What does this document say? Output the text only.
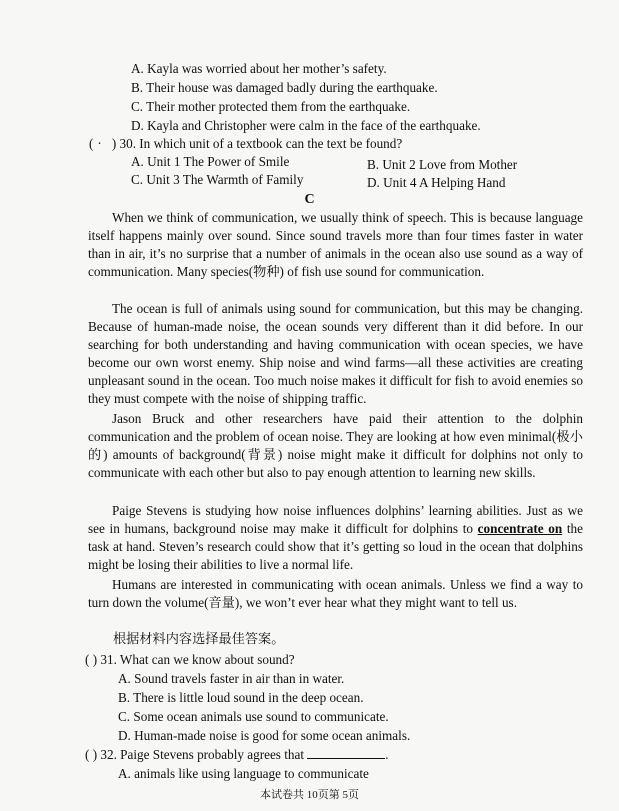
A. Kayla was worried about her mother’s safety.
B. Their house was damaged badly during the earthquake.
C. Their mother protected them from the earthquake.
D. Kayla and Christopher were calm in the face of the earthquake.
( · ) 30. In which unit of a textbook can the text be found?
A. Unit 1 The Power of Smile	B. Unit 2 Love from Mother
C. Unit 3 The Warmth of Family	D. Unit 4 A Helping Hand
C
When we think of communication, we usually think of speech. This is because language itself happens mainly over sound. Since sound travels more than four times faster in water than in air, it’s no surprise that a number of animals in the ocean also use sound as a way of communication. Many species(物种) of fish use sound for communication.
The ocean is full of animals using sound for communication, but this may be changing. Because of human-made noise, the ocean sounds very different than it did before. In our searching for both understanding and having communication with ocean species, we have become our own worst enemy. Ship noise and wind farms—all these activities are creating unpleasant sound in the ocean. Too much noise makes it difficult for fish to avoid enemies so they must compete with the noise of shipping traffic.
Jason Bruck and other researchers have paid their attention to the dolphin communication and the problem of ocean noise. They are looking at how even minimal(极小的) amounts of background(背景) noise might make it difficult for dolphins not only to communicate with each other but also to pay enough attention to learning new skills.
Paige Stevens is studying how noise influences dolphins’ learning abilities. Just as we see in humans, background noise may make it difficult for dolphins to concentrate on the task at hand. Steven’s research could show that it’s getting so loud in the ocean that dolphins might be losing their abilities to live a normal life.
Humans are interested in communicating with ocean animals. Unless we find a way to turn down the volume(音量), we won’t ever hear what they might want to tell us.
根据材料内容选择最佳答案。
( ) 31. What can we know about sound?
A. Sound travels faster in air than in water.
B. There is little loud sound in the deep ocean.
C. Some ocean animals use sound to communicate.
D. Human-made noise is good for some ocean animals.
( ) 32. Paige Stevens probably agrees that	.
A. animals like using language to communicate
本试卷共 10页第 5页
